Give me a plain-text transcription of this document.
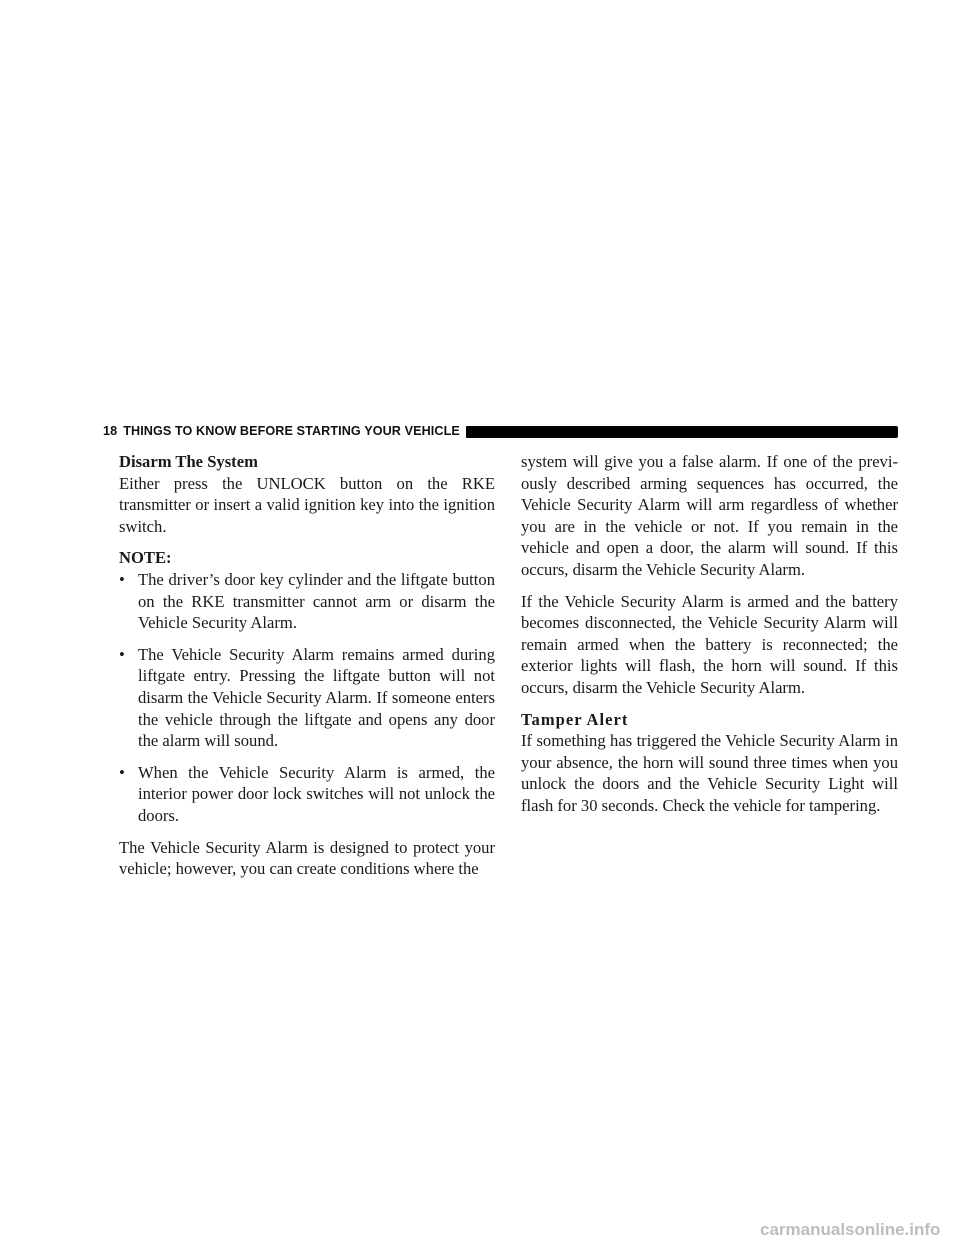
18 THINGS TO KNOW BEFORE STARTING YOUR VEHICLE

Disarm The System

Either press the UNLOCK button on the RKE transmitter or insert a valid ignition key into the ignition switch.

NOTE:

• The driver’s door key cylinder and the liftgate button on the RKE transmitter cannot arm or disarm the Vehicle Security Alarm.
• The Vehicle Security Alarm remains armed during liftgate entry. Pressing the liftgate button will not disarm the Vehicle Security Alarm. If someone enters the vehicle through the liftgate and opens any door the alarm will sound.
• When the Vehicle Security Alarm is armed, the interior power door lock switches will not unlock the doors.

The Vehicle Security Alarm is designed to protect your vehicle; however, you can create conditions where the

system will give you a false alarm. If one of the previ-ously described arming sequences has occurred, the Vehicle Security Alarm will arm regardless of whether you are in the vehicle or not. If you remain in the vehicle and open a door, the alarm will sound. If this occurs, disarm the Vehicle Security Alarm.

If the Vehicle Security Alarm is armed and the battery becomes disconnected, the Vehicle Security Alarm will remain armed when the battery is reconnected; the exterior lights will flash, the horn will sound. If this occurs, disarm the Vehicle Security Alarm.

Tamper Alert

If something has triggered the Vehicle Security Alarm in your absence, the horn will sound three times when you unlock the doors and the Vehicle Security Light will flash for 30 seconds. Check the vehicle for tampering.

carmanualsonline.info
